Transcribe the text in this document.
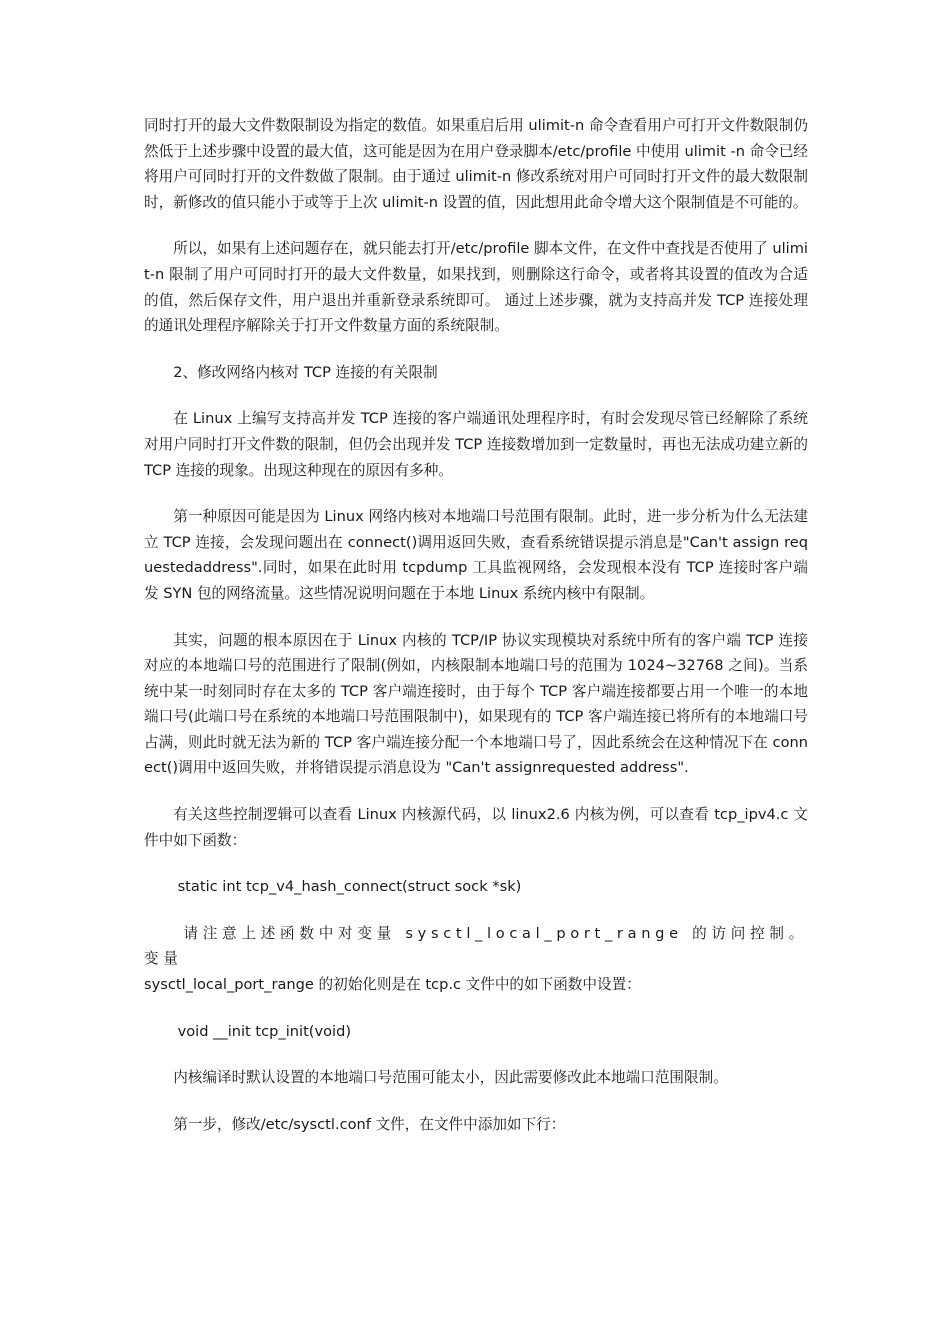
同时打开的最大文件数限制设为指定的数值。如果重启后用 ulimit-n 命令查看用户可打开文件数限制仍然低于上述步骤中设置的最大值，这可能是因为在用户登录脚本/etc/profile 中使用 ulimit -n 命令已经将用户可同时打开的文件数做了限制。由于通过 ulimit-n 修改系统对用户可同时打开文件的最大数限制时，新修改的值只能小于或等于上次 ulimit-n 设置的值，因此想用此命令增大这个限制值是不可能的。

所以，如果有上述问题存在，就只能去打开/etc/profile 脚本文件，在文件中查找是否使用了 ulimit-n 限制了用户可同时打开的最大文件数量，如果找到，则删除这行命令，或者将其设置的值改为合适的值，然后保存文件，用户退出并重新登录系统即可。 通过上述步骤，就为支持高并发 TCP 连接处理的通讯处理程序解除关于打开文件数量方面的系统限制。

2、修改网络内核对 TCP 连接的有关限制

在 Linux 上编写支持高并发 TCP 连接的客户端通讯处理程序时，有时会发现尽管已经解除了系统对用户同时打开文件数的限制，但仍会出现并发 TCP 连接数增加到一定数量时，再也无法成功建立新的 TCP 连接的现象。出现这种现在的原因有多种。

第一种原因可能是因为 Linux 网络内核对本地端口号范围有限制。此时，进一步分析为什么无法建立 TCP 连接，会发现问题出在 connect()调用返回失败，查看系统错误提示消息是"Can't assign requestedaddress".同时，如果在此时用 tcpdump 工具监视网络，会发现根本没有 TCP 连接时客户端发 SYN 包的网络流量。这些情况说明问题在于本地 Linux 系统内核中有限制。

其实，问题的根本原因在于 Linux 内核的 TCP/IP 协议实现模块对系统中所有的客户端 TCP 连接对应的本地端口号的范围进行了限制(例如，内核限制本地端口号的范围为 1024~32768 之间)。当系统中某一时刻同时存在太多的 TCP 客户端连接时，由于每个 TCP 客户端连接都要占用一个唯一的本地端口号(此端口号在系统的本地端口号范围限制中)，如果现有的 TCP 客户端连接已将所有的本地端口号占满，则此时就无法为新的 TCP 客户端连接分配一个本地端口号了，因此系统会在这种情况下在 connect()调用中返回失败，并将错误提示消息设为 "Can't assignrequested address".

有关这些控制逻辑可以查看 Linux 内核源代码，以 linux2.6 内核为例，可以查看 tcp_ipv4.c 文件中如下函数：

static int tcp_v4_hash_connect(struct sock *sk)

请注意上述函数中对变量 sysctl_local_port_range 的访问控制。变量

sysctl_local_port_range 的初始化则是在 tcp.c 文件中的如下函数中设置：

void __init tcp_init(void)

内核编译时默认设置的本地端口号范围可能太小，因此需要修改此本地端口范围限制。

第一步，修改/etc/sysctl.conf 文件，在文件中添加如下行：
